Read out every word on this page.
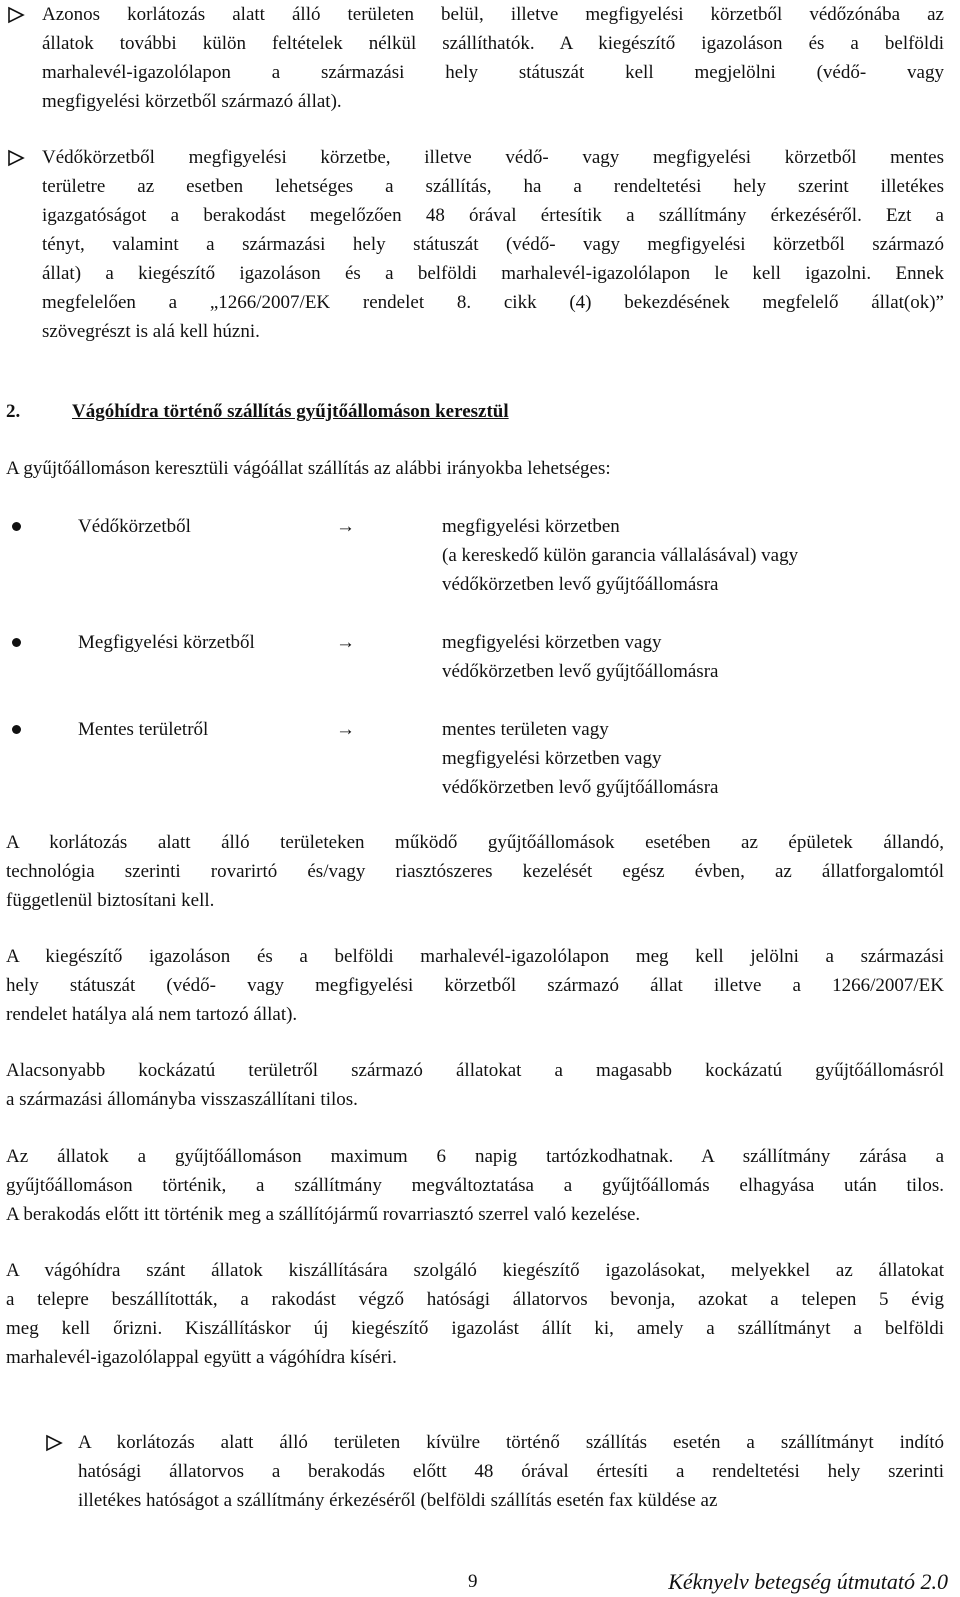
Azonos korlátozás alatt álló területen belül, illetve megfigyelési körzetből védőzónába az
állatok további külön feltételek nélkül szállíthatók. A kiegészítő igazoláson és a belföldi
marhalevél-igazolólapon a származási hely státuszát kell megjelölni (védő- vagy
megfigyelési körzetből származó állat).
Védőkörzetből megfigyelési körzetbe, illetve védő- vagy megfigyelési körzetből mentes
területre az esetben lehetséges a szállítás, ha a rendeltetési hely szerint illetékes
igazgatóságot a berakodást megelőzően 48 órával értesítik a szállítmány érkezéséről. Ezt a
tényt, valamint a származási hely státuszát (védő- vagy megfigyelési körzetből származó
állat) a kiegészítő igazoláson és a belföldi marhalevél-igazolólapon le kell igazolni. Ennek
megfelelően a „1266/2007/EK rendelet 8. cikk (4) bekezdésének megfelelő állat(ok)”
szövegrészt is alá kell húzni.
2.	Vágóhídra történő szállítás gyűjtőállomáson keresztül

A gyűjtőállomáson keresztüli vágóállat szállítás az alábbi irányokba lehetséges:

Védőkörzetből	→	megfigyelési körzetben
(a kereskedő külön garancia vállalásával) vagy
védőkörzetben levő gyűjtőállomásra
Megfigyelési körzetből	→	megfigyelési körzetben vagy
védőkörzetben levő gyűjtőállomásra
Mentes területről	→	mentes területen vagy
megfigyelési körzetben vagy
védőkörzetben levő gyűjtőállomásra
A korlátozás alatt álló területeken működő gyűjtőállomások esetében az épületek állandó,
technológia szerinti rovarirtó és/vagy riasztószeres kezelését egész évben, az állatforgalomtól
függetlenül biztosítani kell.
A kiegészítő igazoláson és a belföldi marhalevél-igazolólapon meg kell jelölni a származási
hely státuszát (védő- vagy megfigyelési körzetből származó állat illetve a 1266/2007/EK
rendelet hatálya alá nem tartozó állat).
Alacsonyabb kockázatú területről származó állatokat a magasabb kockázatú gyűjtőállomásról
a származási állományba visszaszállítani tilos.
Az állatok a gyűjtőállomáson maximum 6 napig tartózkodhatnak. A szállítmány zárása a
gyűjtőállomáson történik, a szállítmány megváltoztatása a gyűjtőállomás elhagyása után tilos.
A berakodás előtt itt történik meg a szállítójármű rovarriasztó szerrel való kezelése.
A vágóhídra szánt állatok kiszállítására szolgáló kiegészítő igazolásokat, melyekkel az állatokat
a telepre beszállították, a rakodást végző hatósági állatorvos bevonja, azokat a telepen 5 évig
meg kell őrizni. Kiszállításkor új kiegészítő igazolást állít ki, amely a szállítmányt a belföldi
marhalevél-igazolólappal együtt a vágóhídra kíséri.
A korlátozás alatt álló területen kívülre történő szállítás esetén a szállítmányt indító
hatósági állatorvos a berakodás előtt 48 órával értesíti a rendeltetési hely szerinti
illetékes hatóságot a szállítmány érkezéséről (belföldi szállítás esetén fax küldése az
9	Kéknyelv betegség útmutató 2.0
